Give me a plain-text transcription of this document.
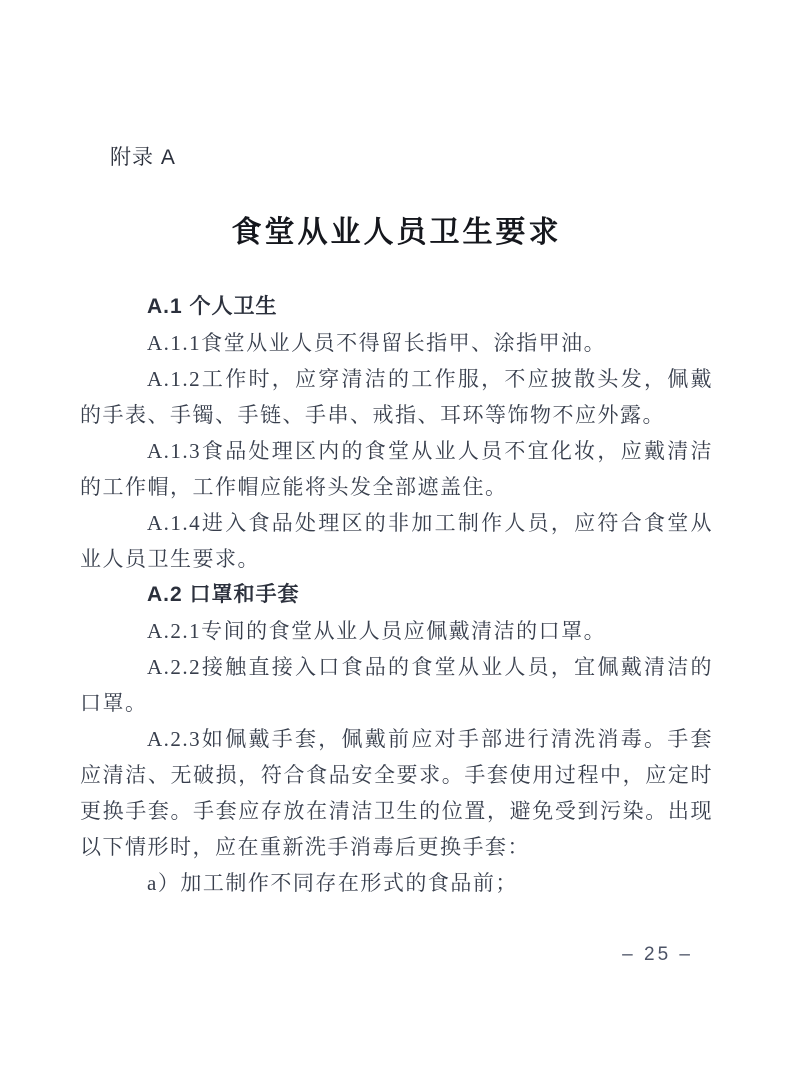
附录 A
食堂从业人员卫生要求
A.1 个人卫生

A.1.1食堂从业人员不得留长指甲、涂指甲油。

A.1.2工作时，应穿清洁的工作服，不应披散头发，佩戴的手表、手镯、手链、手串、戒指、耳环等饰物不应外露。

A.1.3食品处理区内的食堂从业人员不宜化妆，应戴清洁的工作帽，工作帽应能将头发全部遮盖住。

A.1.4进入食品处理区的非加工制作人员，应符合食堂从业人员卫生要求。

A.2 口罩和手套

A.2.1专间的食堂从业人员应佩戴清洁的口罩。

A.2.2接触直接入口食品的食堂从业人员，宜佩戴清洁的口罩。

A.2.3如佩戴手套，佩戴前应对手部进行清洗消毒。手套应清洁、无破损，符合食品安全要求。手套使用过程中，应定时更换手套。手套应存放在清洁卫生的位置，避免受到污染。出现以下情形时，应在重新洗手消毒后更换手套：

a）加工制作不同存在形式的食品前；

– 25 –
